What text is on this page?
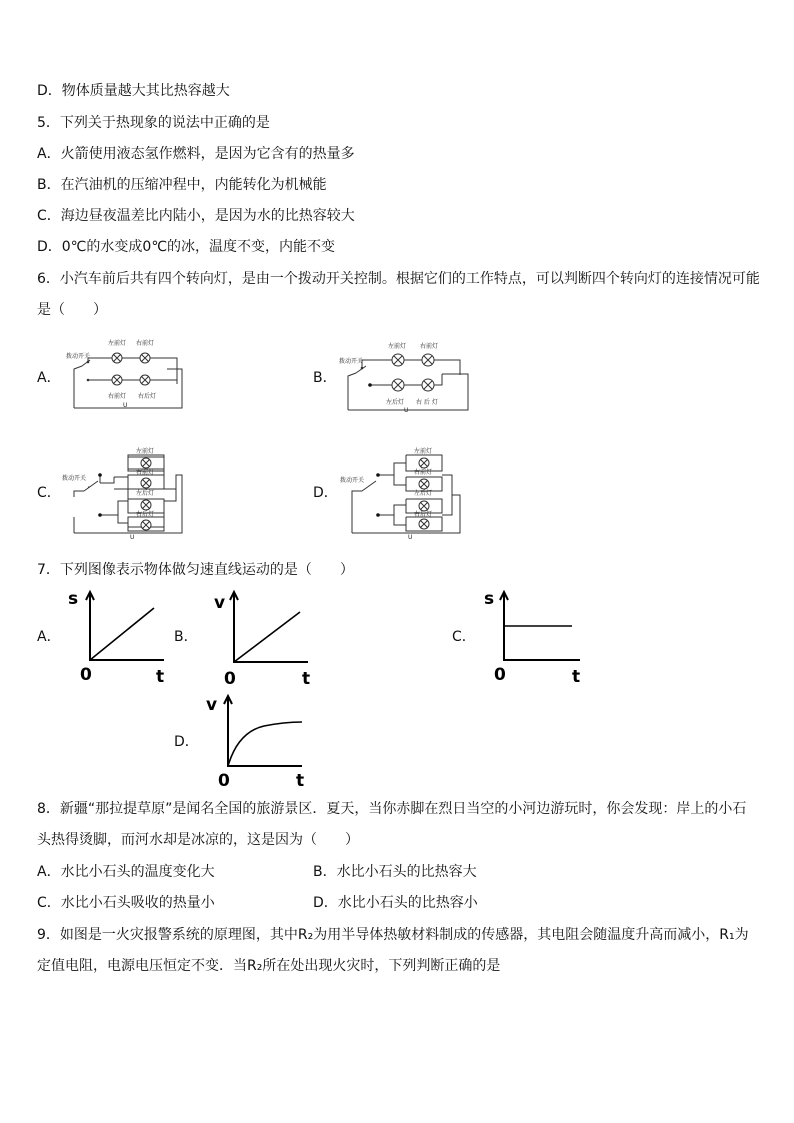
D．物体质量越大其比热容越大
5．下列关于热现象的说法中正确的是
A．火箭使用液态氢作燃料，是因为它含有的热量多
B．在汽油机的压缩冲程中，内能转化为机械能
C．海边昼夜温差比内陆小，是因为水的比热容较大
D．0℃的水变成0℃的冰，温度不变，内能不变
6．小汽车前后共有四个转向灯，是由一个拨动开关控制。根据它们的工作特点，可以判断四个转向灯的连接情况可能
是（　　）
A．	B．
C．	D．
左前灯 右前灯
拨动开关
右前灯 右后灯
U
左前灯 右前灯
拨动开关
左后灯 右 后 灯
U
左前灯
右前灯
左后灯
右后灯
拨动开关
U
左前灯
右前灯
左后灯
右后灯
拨动开关
U
7．下列图像表示物体做匀速直线运动的是（　　）
A．	B．	C．
D．
s
0	t
v
0	t
s
0	t
v
0	t
8．新疆“那拉提草原”是闻名全国的旅游景区．夏天，当你赤脚在烈日当空的小河边游玩时，你会发现：岸上的小石
头热得烫脚，而河水却是冰凉的，这是因为（　　）
A．水比小石头的温度变化大	B．水比小石头的比热容大
C．水比小石头吸收的热量小	D．水比小石头的比热容小
9．如图是一火灾报警系统的原理图，其中R₂为用半导体热敏材料制成的传感器，其电阻会随温度升高而减小，R₁为
定值电阻，电源电压恒定不变．当R₂所在处出现火灾时，下列判断正确的是
